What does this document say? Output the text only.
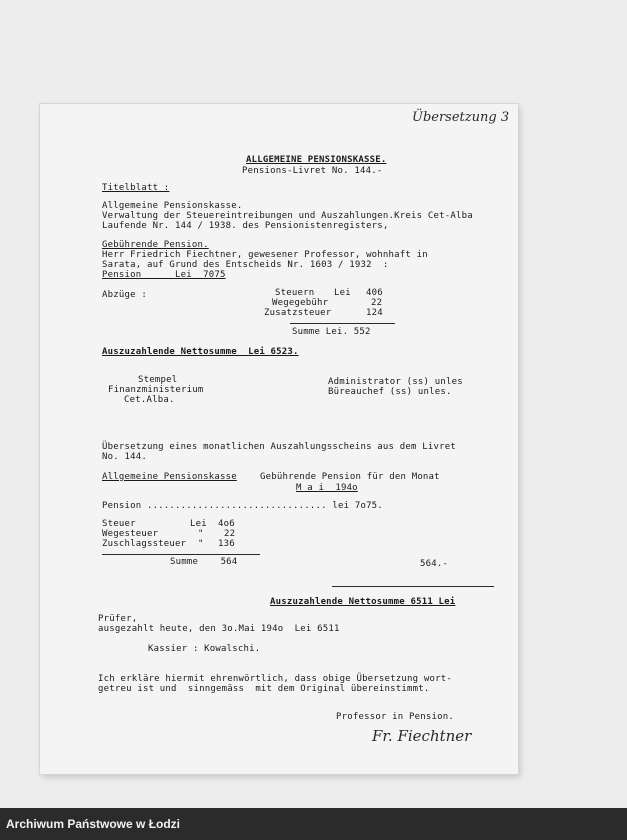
Übersetzung 3
ALLGEMEINE PENSIONSKASSE.
Pensions-Livret No. 144.-
Titelblatt :
Allgemeine Pensionskasse.
Verwaltung der Steuereintreibungen und Auszahlungen.Kreis Cet-Alba
Laufende Nr. 144 / 1938. des Pensionistenregisters,
Gebührende Pension.
Herr Friedrich Fiechtner, gewesener Professor, wohnhaft in
Sarata, auf Grund des Entscheids Nr. 1603 / 1932  :
Pension      Lei  7075
Abzüge :	Steuern Lei 406
Wegegebühr	22
Zusatzsteuer	124
Summe Lei. 552
Auszuzahlende Nettosumme  Lei 6523.
Stempel
Finanzministerium
Cet.Alba.
Administrator (ss) unles
Büreauchef (ss) unles.
Übersetzung eines monatlichen Auszahlungsscheins aus dem Livret
No. 144.
Allgemeine Pensionskasse	Gebührende Pension für den Monat
M a i  194o
Pension ................................ lei 7o75.
Steuer	Lei 4o6
Wegesteuer	" 22
Zuschlagssteuer " 136
Summe    564	564.-
Auszuzahlende Nettosumme 6511 Lei
Prüfer,
ausgezahlt heute, den 3o.Mai 194o  Lei 6511
Kassier : Kowalschi.
Ich erkläre hiermit ehrenwörtlich, dass obige Übersetzung wort-
getreu ist und  sinngemäss  mit dem Original übereinstimmt.
Professor in Pension.
Fr. Fiechtner
Archiwum Państwowe w Łodzi
